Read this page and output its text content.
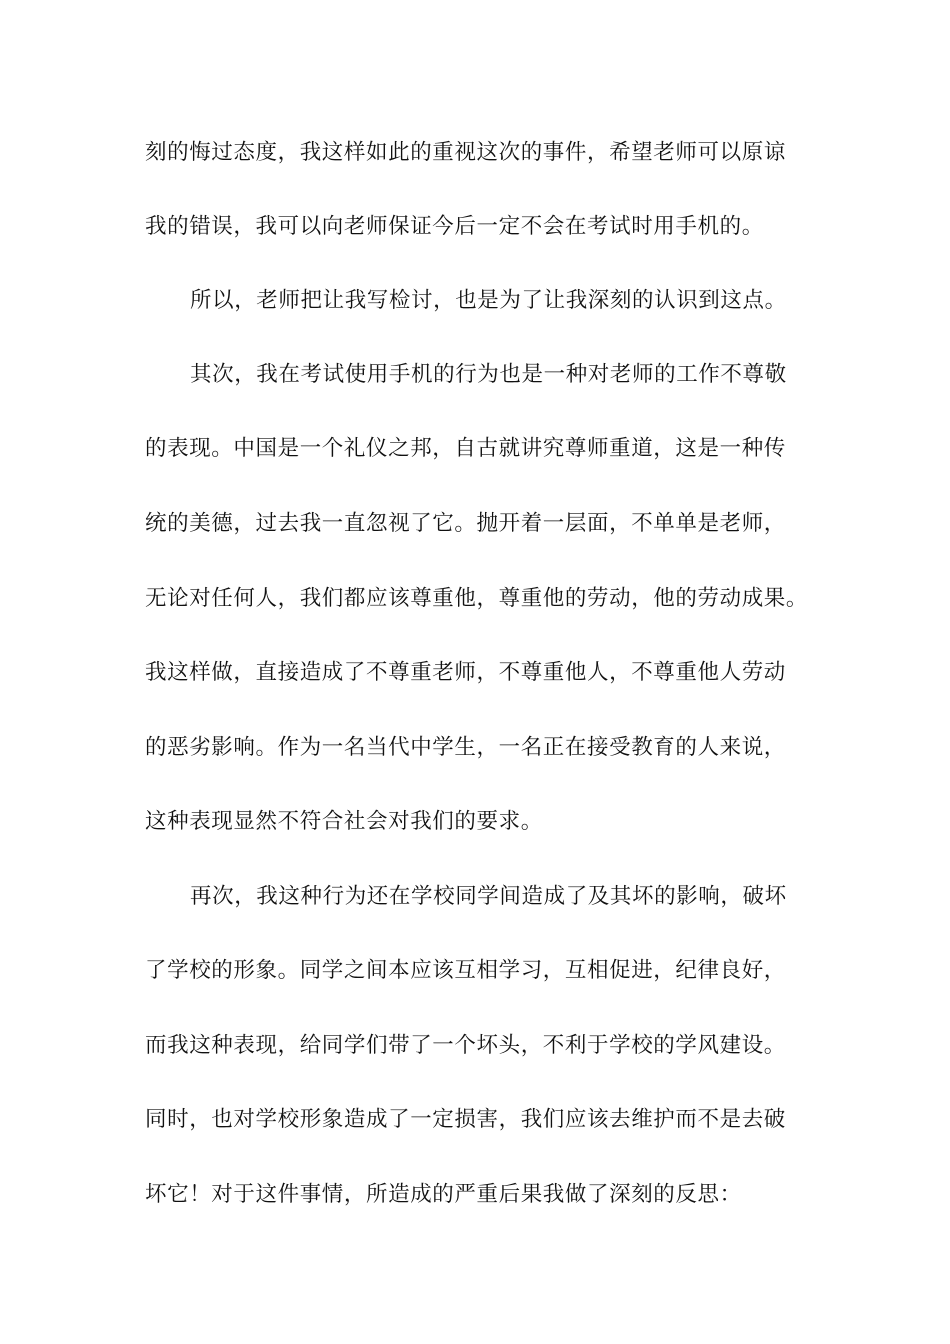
刻的悔过态度，我这样如此的重视这次的事件，希望老师可以原谅
我的错误，我可以向老师保证今后一定不会在考试时用手机的。
所以，老师把让我写检讨，也是为了让我深刻的认识到这点。
其次，我在考试使用手机的行为也是一种对老师的工作不尊敬
的表现。中国是一个礼仪之邦，自古就讲究尊师重道，这是一种传
统的美德，过去我一直忽视了它。抛开着一层面，不单单是老师，
无论对任何人，我们都应该尊重他，尊重他的劳动，他的劳动成果。
我这样做，直接造成了不尊重老师，不尊重他人，不尊重他人劳动
的恶劣影响。作为一名当代中学生，一名正在接受教育的人来说，
这种表现显然不符合社会对我们的要求。
再次，我这种行为还在学校同学间造成了及其坏的影响，破坏
了学校的形象。同学之间本应该互相学习，互相促进，纪律良好，
而我这种表现，给同学们带了一个坏头，不利于学校的学风建设。
同时，也对学校形象造成了一定损害，我们应该去维护而不是去破
坏它！对于这件事情，所造成的严重后果我做了深刻的反思：
